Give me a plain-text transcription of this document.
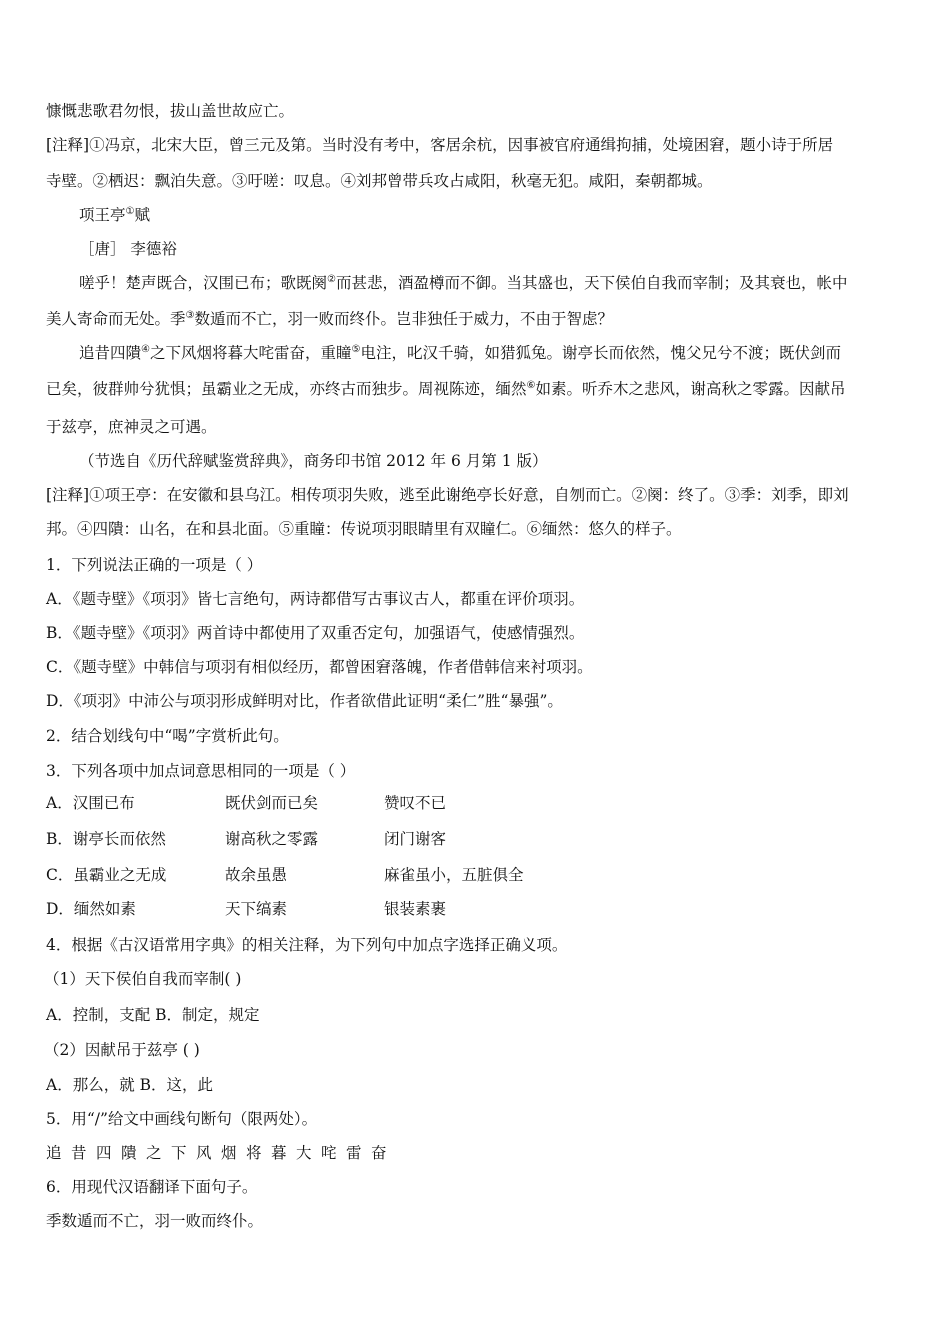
慷慨悲歌君勿恨，拔山盖世故应亡。
[注释]①冯京，北宋大臣，曾三元及第。当时没有考中，客居余杭，因事被官府通缉拘捕，处境困窘，题小诗于所居
寺壁。②栖迟：飘泊失意。③吁嗟：叹息。④刘邦曾带兵攻占咸阳，秋毫无犯。咸阳，秦朝都城。
项王亭①赋
［唐］ 李德裕
嗟乎！楚声既合，汉围已布；歌既阕②而甚悲，酒盈樽而不御。当其盛也，天下侯伯自我而宰制；及其衰也，帐中
美人寄命而无处。季③数遁而不亡，羽一败而终仆。岂非独任于威力，不由于智虑？
追昔四隤④之下风烟将暮大咤雷奋，重瞳⑤电注，叱汉千骑，如猎狐兔。谢亭长而依然，愧父兄兮不渡；既伏剑而
已矣，彼群帅兮犹惧；虽霸业之无成，亦终古而独步。周视陈迹，缅然⑥如素。听乔木之悲风，谢高秋之零露。因献吊
于兹亭，庶神灵之可遇。
（节选自《历代辞赋鉴赏辞典》，商务印书馆 2012 年 6 月第 1 版）
[注释]①项王亭：在安徽和县乌江。相传项羽失败，逃至此谢绝亭长好意，自刎而亡。②阕：终了。③季：刘季，即刘
邦。④四隤：山名，在和县北面。⑤重瞳：传说项羽眼睛里有双瞳仁。⑥缅然：悠久的样子。
1．下列说法正确的一项是（ ）
A．《题寺壁》《项羽》皆七言绝句，两诗都借写古事议古人，都重在评价项羽。
B．《题寺壁》《项羽》两首诗中都使用了双重否定句，加强语气，使感情强烈。
C．《题寺壁》中韩信与项羽有相似经历，都曾困窘落魄，作者借韩信来衬项羽。
D．《项羽》中沛公与项羽形成鲜明对比，作者欲借此证明“柔仁”胜“暴强”。
2．结合划线句中“喝”字赏析此句。
3．下列各项中加点词意思相同的一项是（ ）
A．汉围已布	既伏剑而已矣	赞叹不已
B．谢亭长而依然	谢高秋之零露	闭门谢客
C．虽霸业之无成	故余虽愚	麻雀虽小，五脏俱全
D．缅然如素	天下缟素	银装素裹
4．根据《古汉语常用字典》的相关注释，为下列句中加点字选择正确义项。
（1）天下侯伯自我而宰制( )
A．控制，支配 B．制定，规定
（2）因献吊于兹亭 ( )
A．那么，就 B．这，此
5．用“/”给文中画线句断句（限两处）。
追昔四隤之下风烟将暮大咤雷奋
6．用现代汉语翻译下面句子。
季数遁而不亡，羽一败而终仆。
